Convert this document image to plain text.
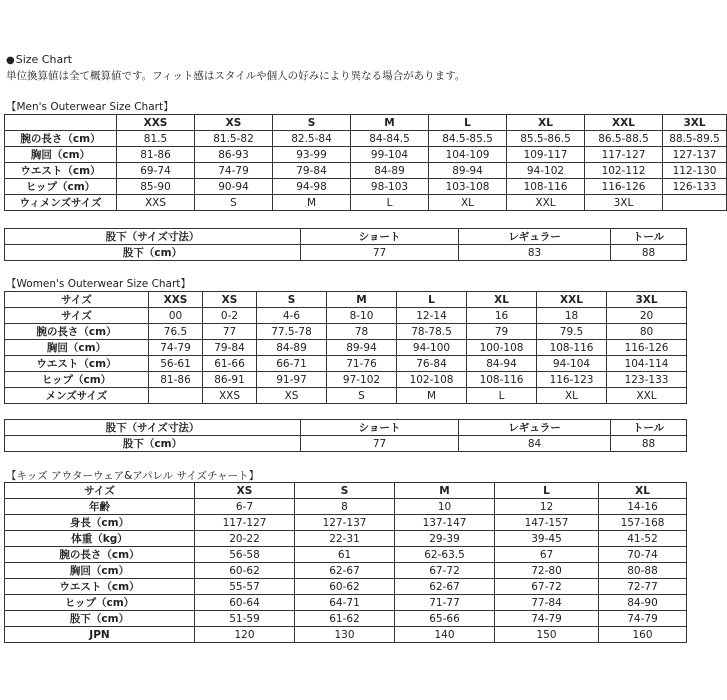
●Size Chart
単位換算値は全て概算値です。フィット感はスタイルや個人の好みにより異なる場合があります。
【Men's Outerwear Size Chart】
	XXS	XS	S	M	L	XL	XXL	3XL
腕の長さ（cm）	81.5	81.5-82	82.5-84	84-84.5	84.5-85.5	85.5-86.5	86.5-88.5	88.5-89.5
胸回（cm）	81-86	86-93	93-99	99-104	104-109	109-117	117-127	127-137
ウエスト（cm）	69-74	74-79	79-84	84-89	89-94	94-102	102-112	112-130
ヒップ（cm）	85-90	90-94	94-98	98-103	103-108	108-116	116-126	126-133
ウィメンズサイズ	XXS	S	M	L	XL	XXL	3XL	
股下（サイズ寸法）	ショート	レギュラー	トール
股下（cm）	77	83	88
【Women's Outerwear Size Chart】
サイズ	XXS	XS	S	M	L	XL	XXL	3XL
サイズ	00	0-2	4-6	8-10	12-14	16	18	20
腕の長さ（cm）	76.5	77	77.5-78	78	78-78.5	79	79.5	80
胸回（cm）	74-79	79-84	84-89	89-94	94-100	100-108	108-116	116-126
ウエスト（cm）	56-61	61-66	66-71	71-76	76-84	84-94	94-104	104-114
ヒップ（cm）	81-86	86-91	91-97	97-102	102-108	108-116	116-123	123-133
メンズサイズ		XXS	XS	S	M	L	XL	XXL
股下（サイズ寸法）	ショート	レギュラー	トール
股下（cm）	77	84	88
【キッズ アウターウェア&アパレル サイズチャート】
サイズ	XS	S	M	L	XL
年齢	6-7	8	10	12	14-16
身長（cm）	117-127	127-137	137-147	147-157	157-168
体重（kg）	20-22	22-31	29-39	39-45	41-52
腕の長さ（cm）	56-58	61	62-63.5	67	70-74
胸回（cm）	60-62	62-67	67-72	72-80	80-88
ウエスト（cm）	55-57	60-62	62-67	67-72	72-77
ヒップ（cm）	60-64	64-71	71-77	77-84	84-90
股下（cm）	51-59	61-62	65-66	74-79	74-79
JPN	120	130	140	150	160
